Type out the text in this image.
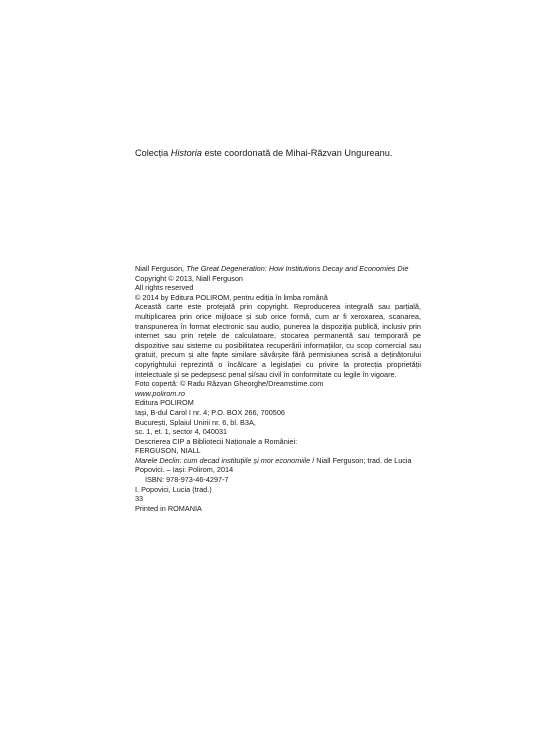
Colecția Historia este coordonată de Mihai-Răzvan Ungureanu.

Niall Ferguson, The Great Degeneration: How Institutions Decay and Economies Die

Copyright © 2013, Niall Ferguson

All rights reserved

© 2014 by Editura POLIROM, pentru ediția în limba română

Această carte este protejată prin copyright. Reproducerea integrală sau parțială, multiplicarea prin orice mijloace și sub orice formă, cum ar fi xeroxarea, scanarea, transpunerea în format electronic sau audio, punerea la dispoziția publică, inclusiv prin internet sau prin rețele de calculatoare, stocarea permanentă sau temporară pe dispozitive sau sisteme cu posibilitatea recuperării informațiilor, cu scop comercial sau gratuit, precum și alte fapte similare săvârșite fără permisiunea scrisă a deținătorului copyrightului reprezintă o încălcare a legislației cu privire la protecția proprietății intelectuale și se pedepsesc penal și/sau civil în conformitate cu legile în vigoare.

Foto copertă: © Radu Răzvan Gheorghe/Dreamstime.com

www.polirom.ro

Editura POLIROM

Iași, B-dul Carol I nr. 4; P.O. BOX 266, 700506

București, Splaiul Unirii nr. 6, bl. B3A,

sc. 1, et. 1, sector 4, 040031

Descrierea CIP a Bibliotecii Naționale a României:

FERGUSON, NIALL

Marele Declin: cum decad instituțiile și mor economiile / Niall Ferguson; trad. de Lucia Popovici. – Iași: Polirom, 2014

ISBN: 978-973-46-4297-7

I. Popovici, Lucia (trad.)

33

Printed in ROMANIA
